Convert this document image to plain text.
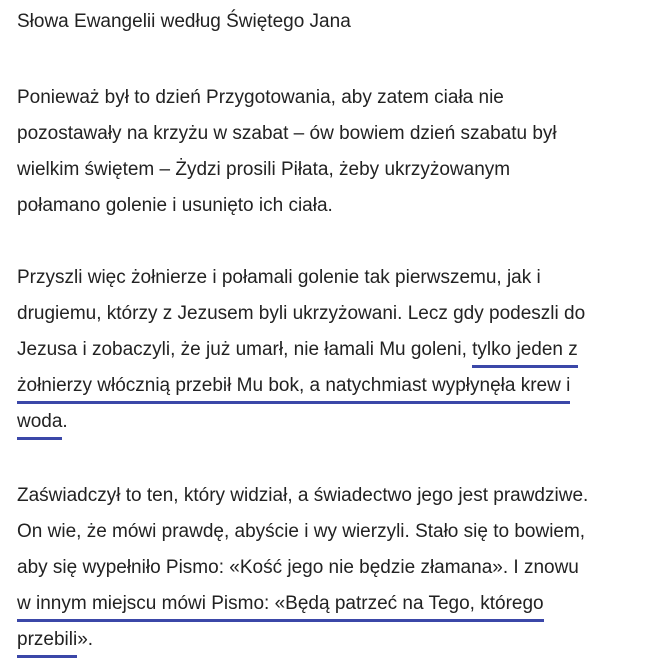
Słowa Ewangelii według Świętego Jana

Ponieważ był to dzień Przygotowania, aby zatem ciała nie
pozostawały na krzyżu w szabat – ów bowiem dzień szabatu był
wielkim świętem – Żydzi prosili Piłata, żeby ukrzyżowanym
połamano golenie i usunięto ich ciała.

Przyszli więc żołnierze i połamali golenie tak pierwszemu, jak i
drugiemu, którzy z Jezusem byli ukrzyżowani. Lecz gdy podeszli do
Jezusa i zobaczyli, że już umarł, nie łamali Mu goleni, tylko jeden z
żołnierzy włócznią przebił Mu bok, a natychmiast wypłynęła krew i
woda.

Zaświadczył to ten, który widział, a świadectwo jego jest prawdziwe.
On wie, że mówi prawdę, abyście i wy wierzyli. Stało się to bowiem,
aby się wypełniło Pismo: «Kość jego nie będzie złamana». I znowu
w innym miejscu mówi Pismo: «Będą patrzeć na Tego, którego
przebili».
